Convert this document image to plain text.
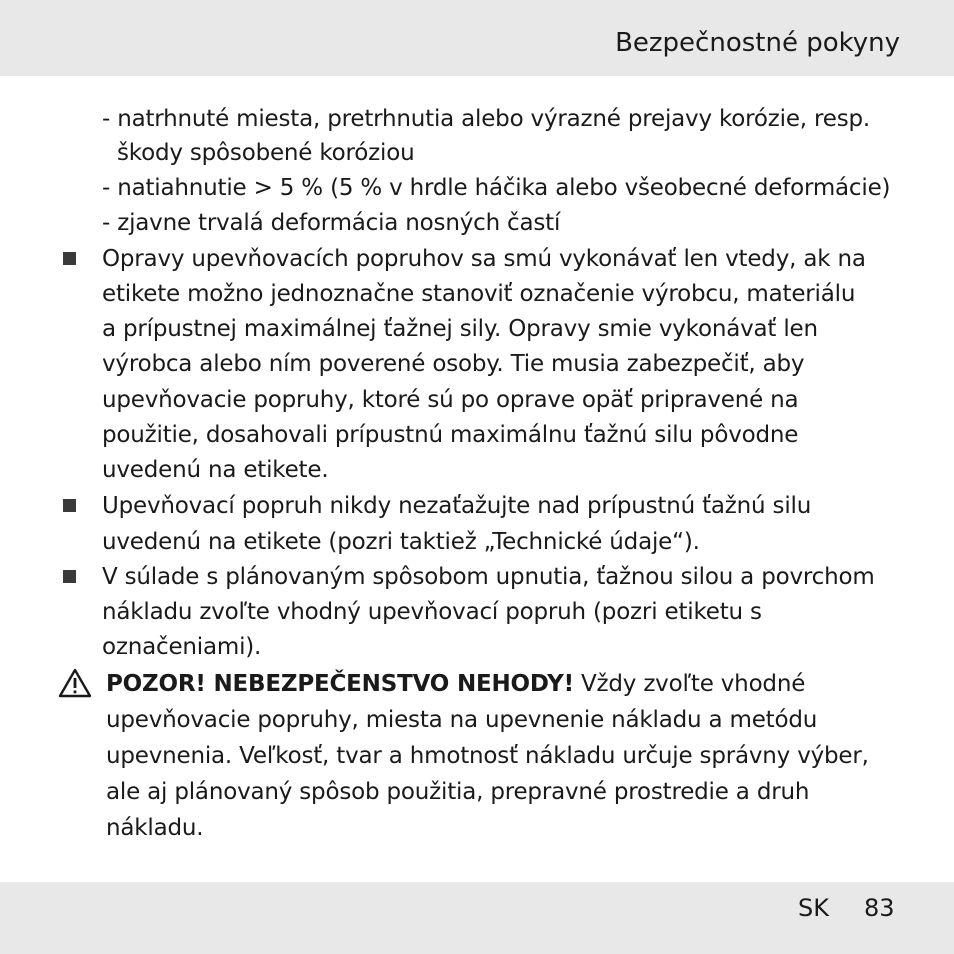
Bezpečnostné pokyny
- natrhnuté miesta, pretrhnutia alebo výrazné prejavy korózie, resp.
škody spôsobené koróziou
- natiahnutie > 5 % (5 % v hrdle háčika alebo všeobecné deformácie)
- zjavne trvalá deformácia nosných častí
Opravy upevňovacích popruhov sa smú vykonávať len vtedy, ak na
etikete možno jednoznačne stanoviť označenie výrobcu, materiálu
a prípustnej maximálnej ťažnej sily. Opravy smie vykonávať len
výrobca alebo ním poverené osoby. Tie musia zabezpečiť, aby
upevňovacie popruhy, ktoré sú po oprave opäť pripravené na
použitie, dosahovali prípustnú maximálnu ťažnú silu pôvodne
uvedenú na etikete.
Upevňovací popruh nikdy nezaťažujte nad prípustnú ťažnú silu
uvedenú na etikete (pozri taktiež „Technické údaje“).
V súlade s plánovaným spôsobom upnutia, ťažnou silou a povrchom
nákladu zvoľte vhodný upevňovací popruh (pozri etiketu s
označeniami).
POZOR! NEBEZPEČENSTVO NEHODY! Vždy zvoľte vhodné
upevňovacie popruhy, miesta na upevnenie nákladu a metódu
upevnenia. Veľkosť, tvar a hmotnosť nákladu určuje správny výber,
ale aj plánovaný spôsob použitia, prepravné prostredie a druh
nákladu.
SK 83
